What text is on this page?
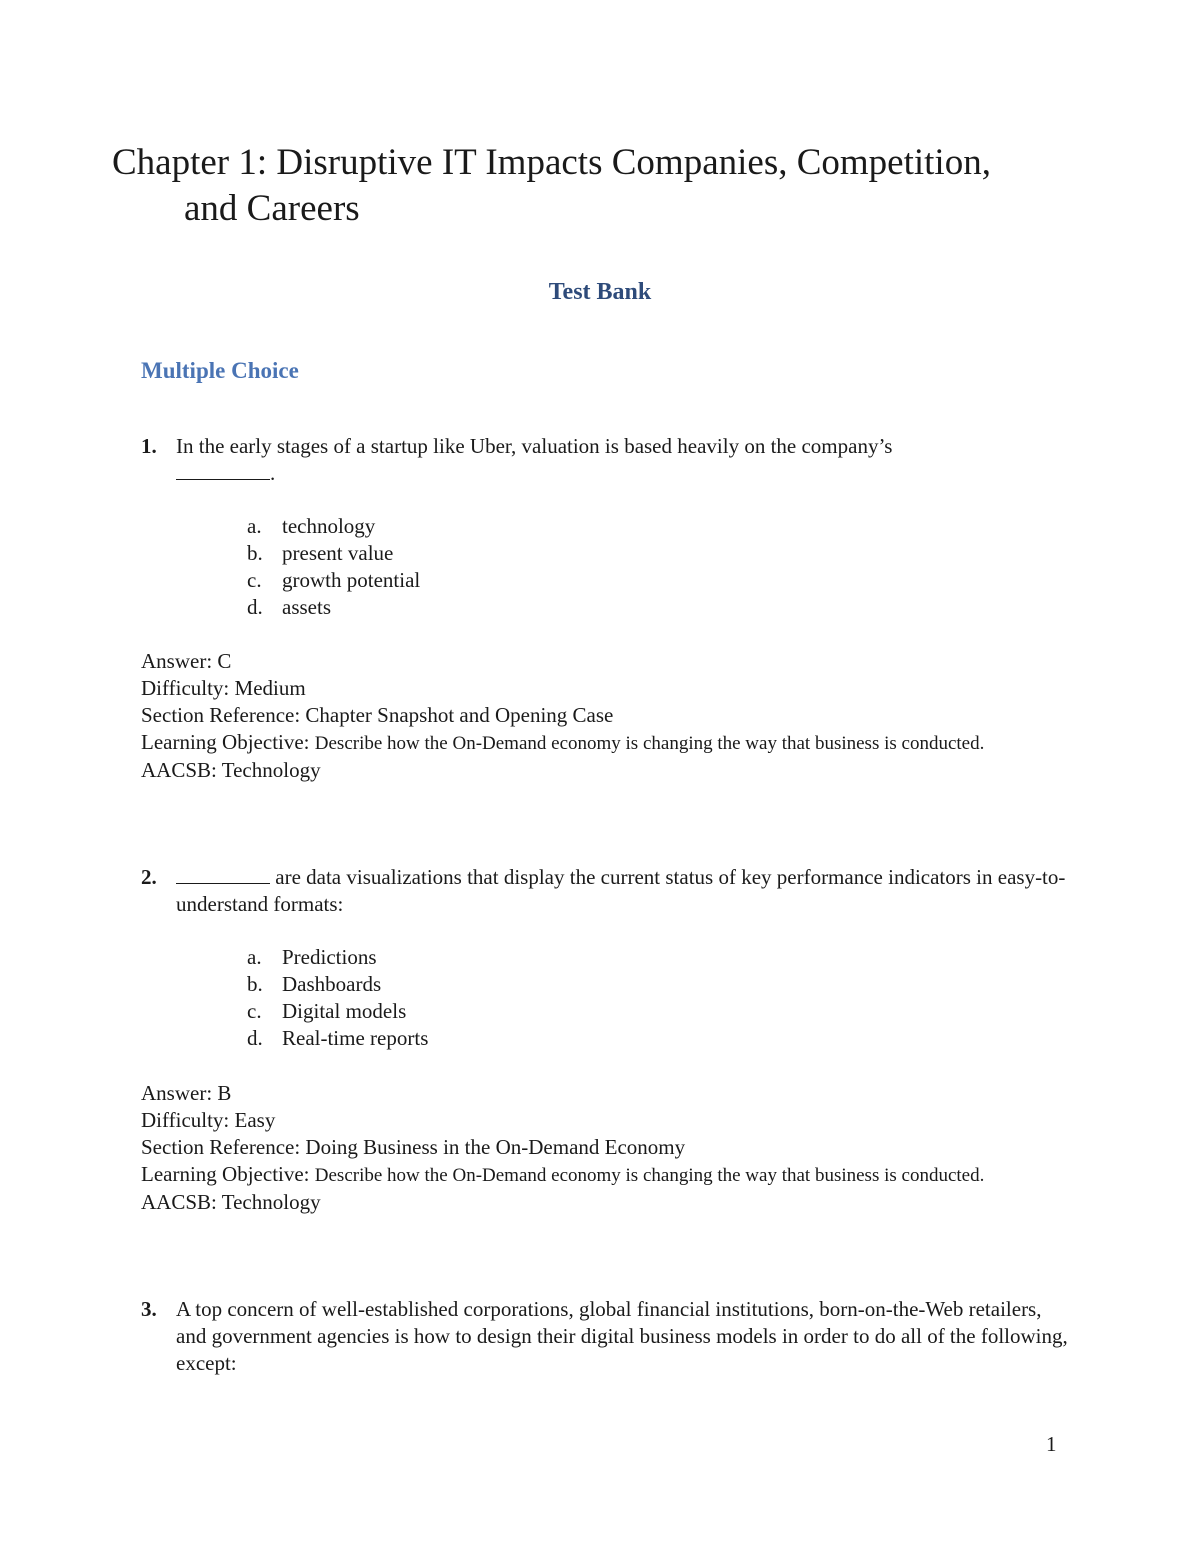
Chapter 1: Disruptive IT Impacts Companies, Competition,
and Careers
Test Bank
Multiple Choice
1. In the early stages of a startup like Uber, valuation is based heavily on the company’s
.
a. technology
b. present value
c. growth potential
d. assets
Answer: C
Difficulty: Medium
Section Reference: Chapter Snapshot and Opening Case
Learning Objective: Describe how the On-Demand economy is changing the way that business is conducted.
AACSB: Technology
2.	are data visualizations that display the current status of key performance indicators in easy-to-understand formats:
a. Predictions
b. Dashboards
c. Digital models
d. Real-time reports
Answer: B
Difficulty: Easy
Section Reference: Doing Business in the On-Demand Economy
Learning Objective: Describe how the On-Demand economy is changing the way that business is conducted.
AACSB: Technology
3. A top concern of well-established corporations, global financial institutions, born-on-the-Web retailers, and government agencies is how to design their digital business models in order to do all of the following, except:
1
